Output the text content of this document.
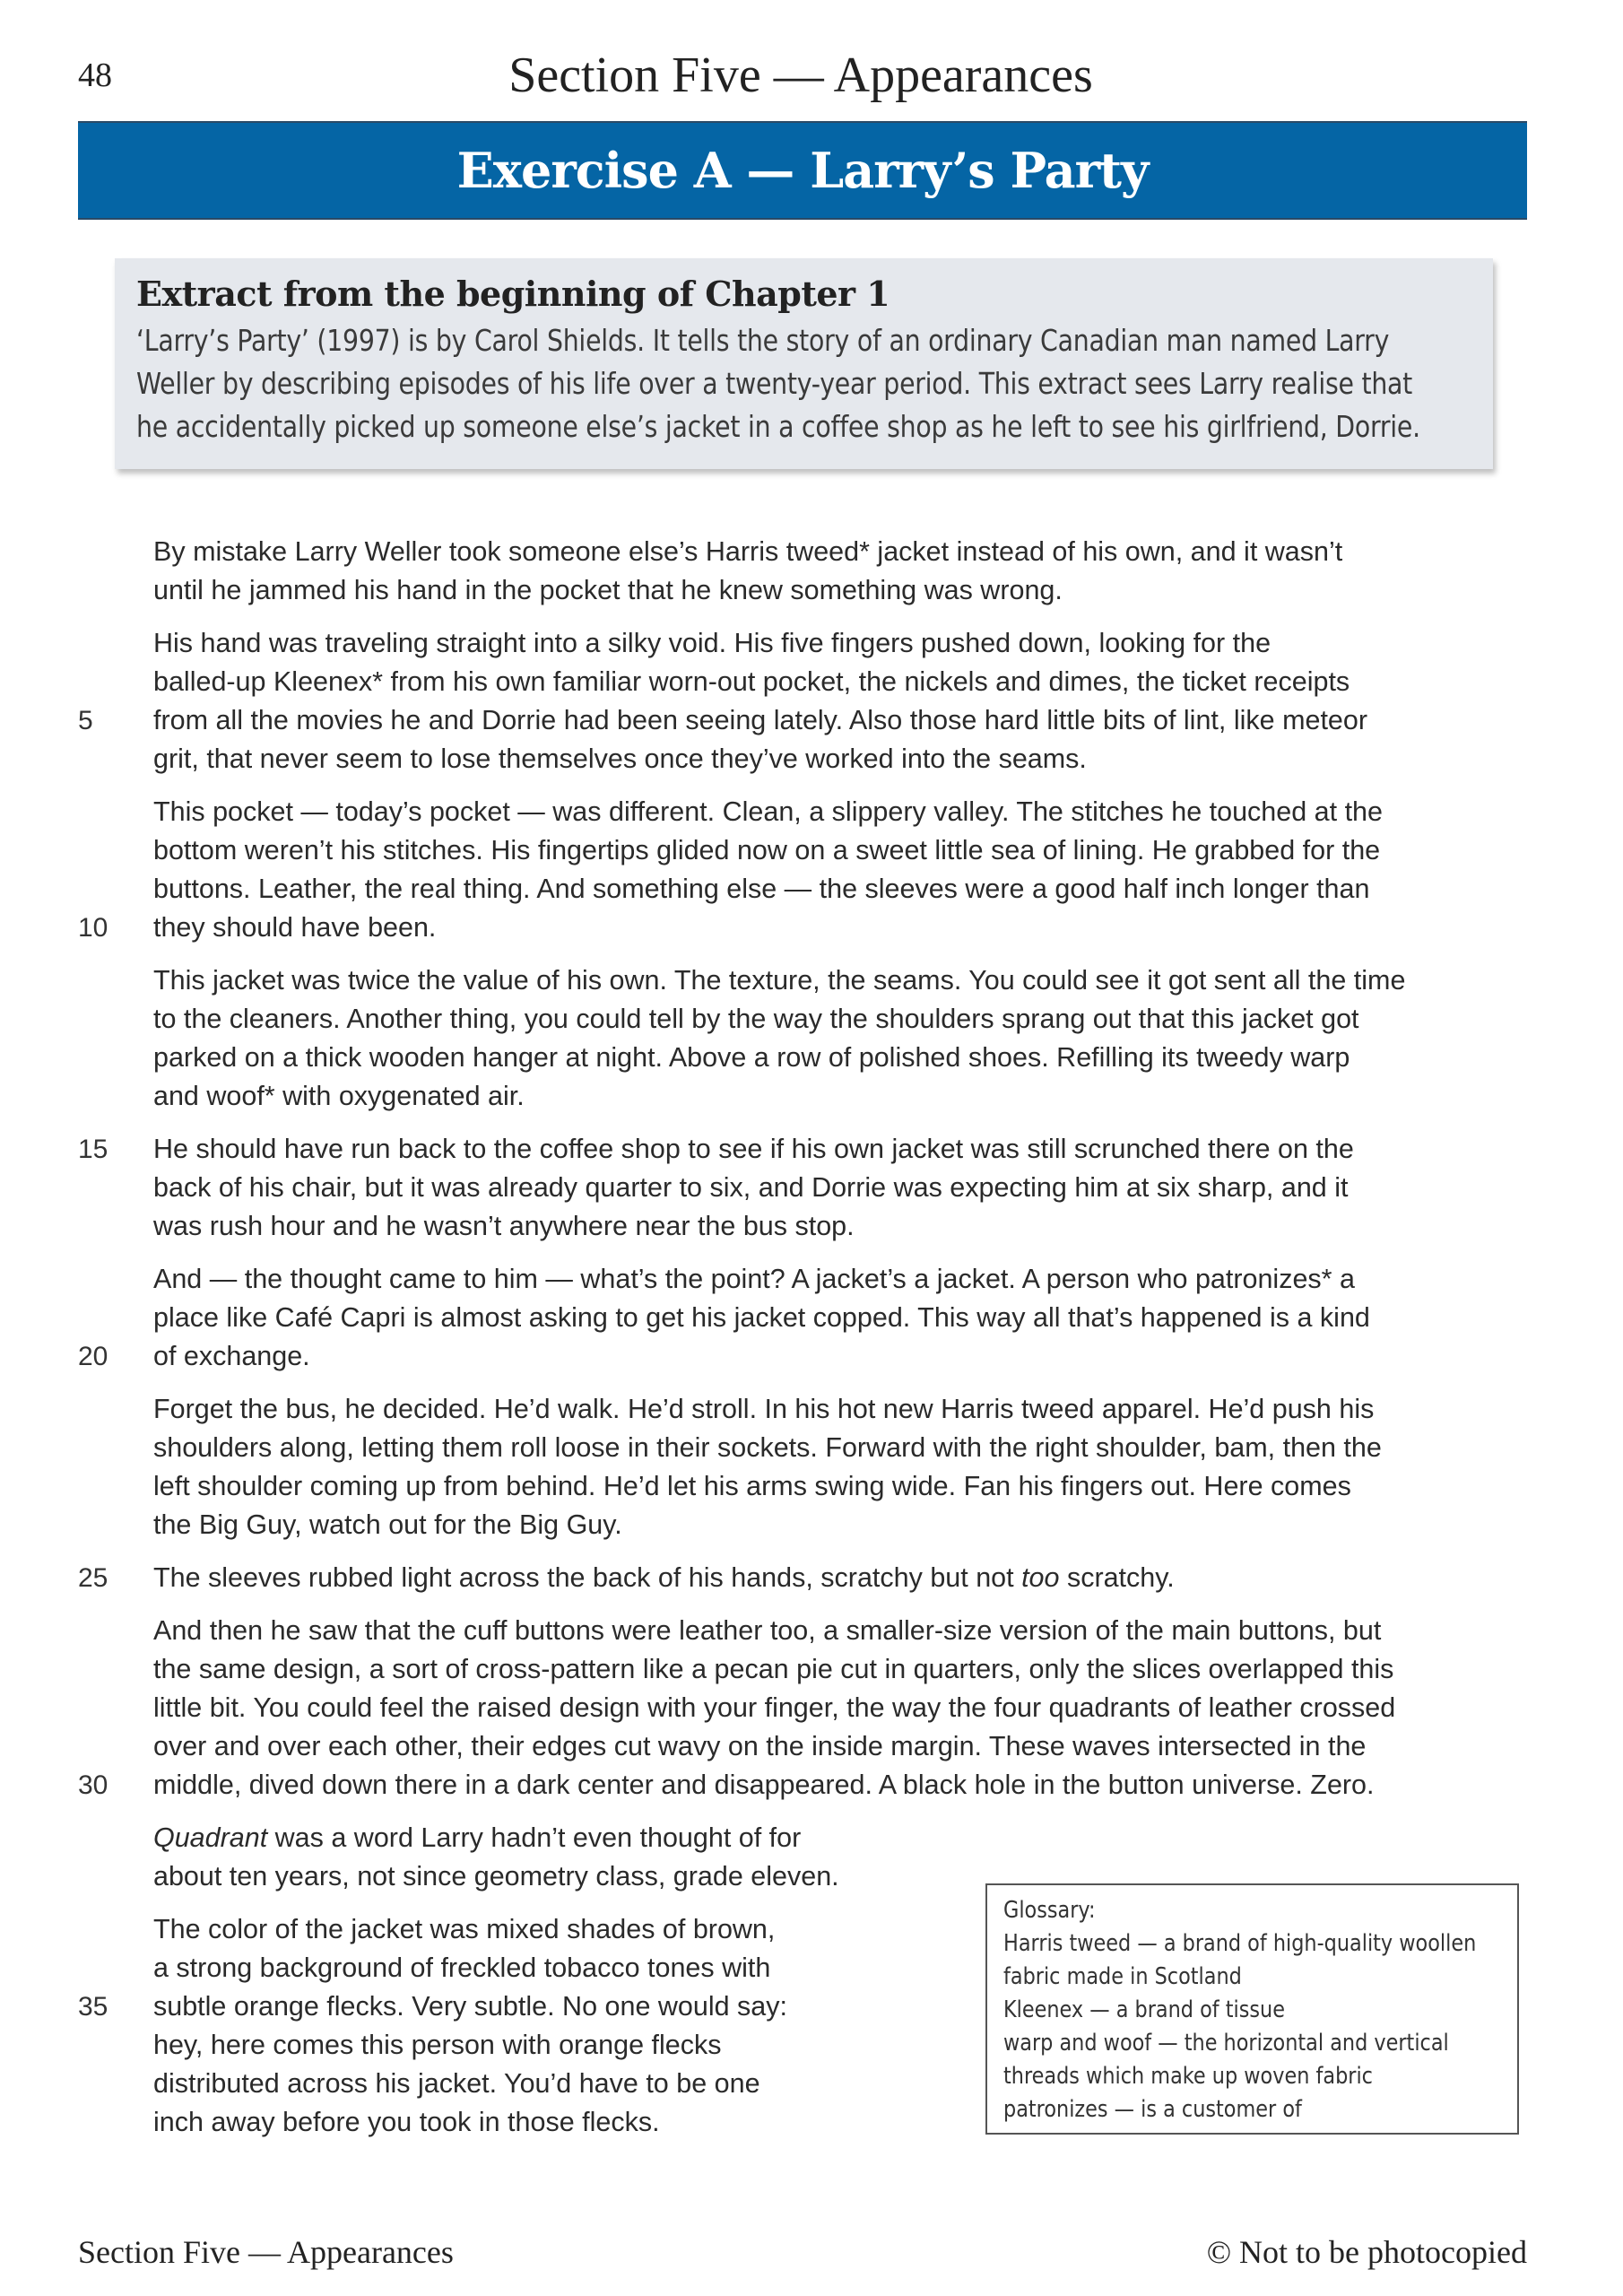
48	Section Five — Appearances
Exercise A — Larry’s Party
Extract from the beginning of Chapter 1
‘Larry’s Party’ (1997) is by Carol Shields. It tells the story of an ordinary Canadian man named Larry
Weller by describing episodes of his life over a twenty-year period. This extract sees Larry realise that
he accidentally picked up someone else’s jacket in a coffee shop as he left to see his girlfriend, Dorrie.
By mistake Larry Weller took someone else’s Harris tweed* jacket instead of his own, and it wasn’t
until he jammed his hand in the pocket that he knew something was wrong.
His hand was traveling straight into a silky void. His five fingers pushed down, looking for the
balled-up Kleenex* from his own familiar worn-out pocket, the nickels and dimes, the ticket receipts
5	from all the movies he and Dorrie had been seeing lately. Also those hard little bits of lint, like meteor
grit, that never seem to lose themselves once they’ve worked into the seams.
This pocket — today’s pocket — was different. Clean, a slippery valley. The stitches he touched at the
bottom weren’t his stitches. His fingertips glided now on a sweet little sea of lining. He grabbed for the
buttons. Leather, the real thing. And something else — the sleeves were a good half inch longer than
10 they should have been.
This jacket was twice the value of his own. The texture, the seams. You could see it got sent all the time
to the cleaners. Another thing, you could tell by the way the shoulders sprang out that this jacket got
parked on a thick wooden hanger at night. Above a row of polished shoes. Refilling its tweedy warp
and woof* with oxygenated air.
15 He should have run back to the coffee shop to see if his own jacket was still scrunched there on the
back of his chair, but it was already quarter to six, and Dorrie was expecting him at six sharp, and it
was rush hour and he wasn’t anywhere near the bus stop.
And — the thought came to him — what’s the point? A jacket’s a jacket. A person who patronizes* a
place like Café Capri is almost asking to get his jacket copped. This way all that’s happened is a kind
20 of exchange.
Forget the bus, he decided. He’d walk. He’d stroll. In his hot new Harris tweed apparel. He’d push his
shoulders along, letting them roll loose in their sockets. Forward with the right shoulder, bam, then the
left shoulder coming up from behind. He’d let his arms swing wide. Fan his fingers out. Here comes
the Big Guy, watch out for the Big Guy.
25 The sleeves rubbed light across the back of his hands, scratchy but not too scratchy.
And then he saw that the cuff buttons were leather too, a smaller-size version of the main buttons, but
the same design, a sort of cross-pattern like a pecan pie cut in quarters, only the slices overlapped this
little bit. You could feel the raised design with your finger, the way the four quadrants of leather crossed
over and over each other, their edges cut wavy on the inside margin. These waves intersected in the
30 middle, dived down there in a dark center and disappeared. A black hole in the button universe. Zero.
Quadrant was a word Larry hadn’t even thought of for
about ten years, not since geometry class, grade eleven.
The color of the jacket was mixed shades of brown,
a strong background of freckled tobacco tones with
35 subtle orange flecks. Very subtle. No one would say:
hey, here comes this person with orange flecks
distributed across his jacket. You’d have to be one
inch away before you took in those flecks.
Glossary:
Harris tweed — a brand of high-quality woollen
fabric made in Scotland
Kleenex — a brand of tissue
warp and woof — the horizontal and vertical
threads which make up woven fabric
patronizes — is a customer of
Section Five — Appearances	© Not to be photocopied
